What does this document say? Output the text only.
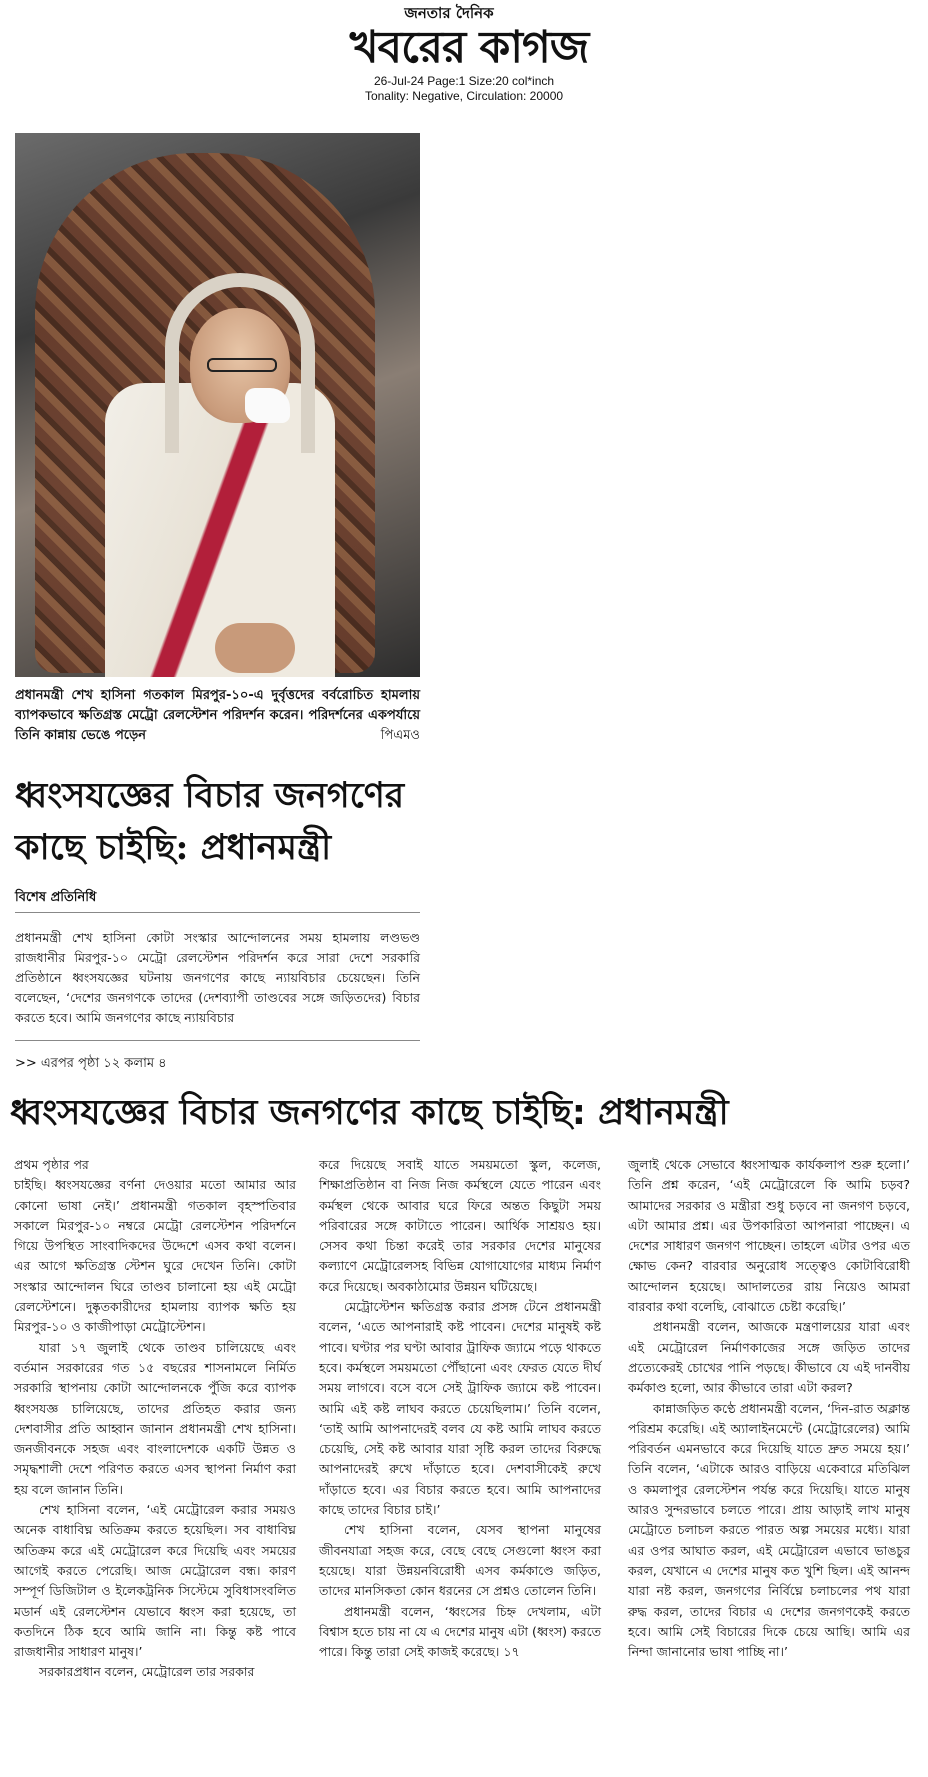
জনতার দৈনিক
খবরের কাগজ
26-Jul-24 Page:1 Size:20 col*inch
Tonality: Negative, Circulation: 20000
প্রধানমন্ত্রী শেখ হাসিনা গতকাল মিরপুর-১০-এ দুর্বৃত্তদের বর্বরোচিত হামলায় ব্যাপকভাবে ক্ষতিগ্রস্ত মেট্রো রেলস্টেশন পরিদর্শন করেন। পরিদর্শনের একপর্যায়ে তিনি কান্নায় ভেঙে পড়েন	পিএমও
ধ্বংসযজ্ঞের বিচার জনগণের কাছে চাইছি: প্রধানমন্ত্রী
বিশেষ প্রতিনিধি

প্রধানমন্ত্রী শেখ হাসিনা কোটা সংস্কার আন্দোলনের সময় হামলায় লণ্ডভণ্ড রাজধানীর মিরপুর-১০ মেট্রো রেলস্টেশন পরিদর্শন করে সারা দেশে সরকারি প্রতিষ্ঠানে ধ্বংসযজ্ঞের ঘটনায় জনগণের কাছে ন্যায়বিচার চেয়েছেন। তিনি বলেছেন, ‘দেশের জনগণকে তাদের (দেশব্যাপী তাণ্ডবের সঙ্গে জড়িতদের) বিচার করতে হবে। আমি জনগণের কাছে ন্যায়বিচার

>> এরপর পৃষ্ঠা ১২ কলাম ৪
ধ্বংসযজ্ঞের বিচার জনগণের কাছে চাইছি: প্রধানমন্ত্রী
প্রথম পৃষ্ঠার পর

চাইছি। ধ্বংসযজ্ঞের বর্ণনা দেওয়ার মতো আমার আর কোনো ভাষা নেই।’ প্রধানমন্ত্রী গতকাল বৃহস্পতিবার সকালে মিরপুর-১০ নম্বরে মেট্রো রেলস্টেশন পরিদর্শনে গিয়ে উপস্থিত সাংবাদিকদের উদ্দেশে এসব কথা বলেন। এর আগে ক্ষতিগ্রস্ত স্টেশন ঘুরে দেখেন তিনি। কোটা সংস্কার আন্দোলন ঘিরে তাণ্ডব চালানো হয় এই মেট্রো রেলস্টেশনে। দুষ্কৃতকারীদের হামলায় ব্যাপক ক্ষতি হয় মিরপুর-১০ ও কাজীপাড়া মেট্রোস্টেশন।

যারা ১৭ জুলাই থেকে তাণ্ডব চালিয়েছে এবং বর্তমান সরকারের গত ১৫ বছরের শাসনামলে নির্মিত সরকারি স্থাপনায় কোটা আন্দোলনকে পুঁজি করে ব্যাপক ধ্বংসযজ্ঞ চালিয়েছে, তাদের প্রতিহত করার জন্য দেশবাসীর প্রতি আহ্বান জানান প্রধানমন্ত্রী শেখ হাসিনা। জনজীবনকে সহজ এবং বাংলাদেশকে একটি উন্নত ও সমৃদ্ধশালী দেশে পরিণত করতে এসব স্থাপনা নির্মাণ করা হয় বলে জানান তিনি।

শেখ হাসিনা বলেন, ‘এই মেট্রোরেল করার সময়ও অনেক বাধাবিঘ্ন অতিক্রম করতে হয়েছিল। সব বাধাবিঘ্ন অতিক্রম করে এই মেট্রোরেল করে দিয়েছি এবং সময়ের আগেই করতে পেরেছি। আজ মেট্রোরেল বন্ধ। কারণ সম্পূর্ণ ডিজিটাল ও ইলেকট্রনিক সিস্টেমে সুবিধাসংবলিত মডার্ন এই রেলস্টেশন যেভাবে ধ্বংস করা হয়েছে, তা কতদিনে ঠিক হবে আমি জানি না। কিন্তু কষ্ট পাবে রাজধানীর সাধারণ মানুষ।’

সরকারপ্রধান বলেন, মেট্রোরেল তার সরকার

করে দিয়েছে সবাই যাতে সময়মতো স্কুল, কলেজ, শিক্ষাপ্রতিষ্ঠান বা নিজ নিজ কর্মস্থলে যেতে পারেন এবং কর্মস্থল থেকে আবার ঘরে ফিরে অন্তত কিছুটা সময় পরিবারের সঙ্গে কাটাতে পারেন। আর্থিক সাশ্রয়ও হয়। সেসব কথা চিন্তা করেই তার সরকার দেশের মানুষের কল্যাণে মেট্রোরেলসহ বিভিন্ন যোগাযোগের মাধ্যম নির্মাণ করে দিয়েছে। অবকাঠামোর উন্নয়ন ঘটিয়েছে।

মেট্রোস্টেশন ক্ষতিগ্রস্ত করার প্রসঙ্গ টেনে প্রধানমন্ত্রী বলেন, ‘এতে আপনারাই কষ্ট পাবেন। দেশের মানুষই কষ্ট পাবে। ঘণ্টার পর ঘণ্টা আবার ট্রাফিক জ্যামে পড়ে থাকতে হবে। কর্মস্থলে সময়মতো পৌঁছানো এবং ফেরত যেতে দীর্ঘ সময় লাগবে। বসে বসে সেই ট্রাফিক জ্যামে কষ্ট পাবেন। আমি এই কষ্ট লাঘব করতে চেয়েছিলাম।’ তিনি বলেন, ‘তাই আমি আপনাদেরই বলব যে কষ্ট আমি লাঘব করতে চেয়েছি, সেই কষ্ট আবার যারা সৃষ্টি করল তাদের বিরুদ্ধে আপনাদেরই রুখে দাঁড়াতে হবে। দেশবাসীকেই রুখে দাঁড়াতে হবে। এর বিচার করতে হবে। আমি আপনাদের কাছে তাদের বিচার চাই।’

শেখ হাসিনা বলেন, যেসব স্থাপনা মানুষের জীবনযাত্রা সহজ করে, বেছে বেছে সেগুলো ধ্বংস করা হয়েছে। যারা উন্নয়নবিরোধী এসব কর্মকাণ্ডে জড়িত, তাদের মানসিকতা কোন ধরনের সে প্রশ্নও তোলেন তিনি।

প্রধানমন্ত্রী বলেন, ‘ধ্বংসের চিহ্ন দেখলাম, এটা বিশ্বাস হতে চায় না যে এ দেশের মানুষ এটা (ধ্বংস) করতে পারে। কিন্তু তারা সেই কাজই করেছে। ১৭

জুলাই থেকে সেভাবে ধ্বংসাত্মক কার্যকলাপ শুরু হলো।’ তিনি প্রশ্ন করেন, ‘এই মেট্রোরেলে কি আমি চড়ব? আমাদের সরকার ও মন্ত্রীরা শুধু চড়বে না জনগণ চড়বে, এটা আমার প্রশ্ন। এর উপকারিতা আপনারা পাচ্ছেন। এ দেশের সাধারণ জনগণ পাচ্ছেন। তাহলে এটার ওপর এত ক্ষোভ কেন? বারবার অনুরোধ সত্ত্বেও কোটাবিরোধী আন্দোলন হয়েছে। আদালতের রায় নিয়েও আমরা বারবার কথা বলেছি, বোঝাতে চেষ্টা করেছি।’

প্রধানমন্ত্রী বলেন, আজকে মন্ত্রণালয়ের যারা এবং এই মেট্রোরেল নির্মাণকাজের সঙ্গে জড়িত তাদের প্রত্যেকেরই চোখের পানি পড়ছে। কীভাবে যে এই দানবীয় কর্মকাণ্ড হলো, আর কীভাবে তারা এটা করল?

কান্নাজড়িত কণ্ঠে প্রধানমন্ত্রী বলেন, ‘দিন-রাত অক্লান্ত পরিশ্রম করেছি। এই অ্যালাইনমেন্টে (মেট্রোরেলের) আমি পরিবর্তন এমনভাবে করে দিয়েছি যাতে দ্রুত সময়ে হয়।’ তিনি বলেন, ‘এটাকে আরও বাড়িয়ে একেবারে মতিঝিল ও কমলাপুর রেলস্টেশন পর্যন্ত করে দিয়েছি। যাতে মানুষ আরও সুন্দরভাবে চলতে পারে। প্রায় আড়াই লাখ মানুষ মেট্রোতে চলাচল করতে পারত অল্প সময়ের মধ্যে। যারা এর ওপর আঘাত করল, এই মেট্রোরেল এভাবে ভাঙচুর করল, যেখানে এ দেশের মানুষ কত খুশি ছিল। এই আনন্দ যারা নষ্ট করল, জনগণের নির্বিঘ্নে চলাচলের পথ যারা রুদ্ধ করল, তাদের বিচার এ দেশের জনগণকেই করতে হবে। আমি সেই বিচারের দিকে চেয়ে আছি। আমি এর নিন্দা জানানোর ভাষা পাচ্ছি না।’
